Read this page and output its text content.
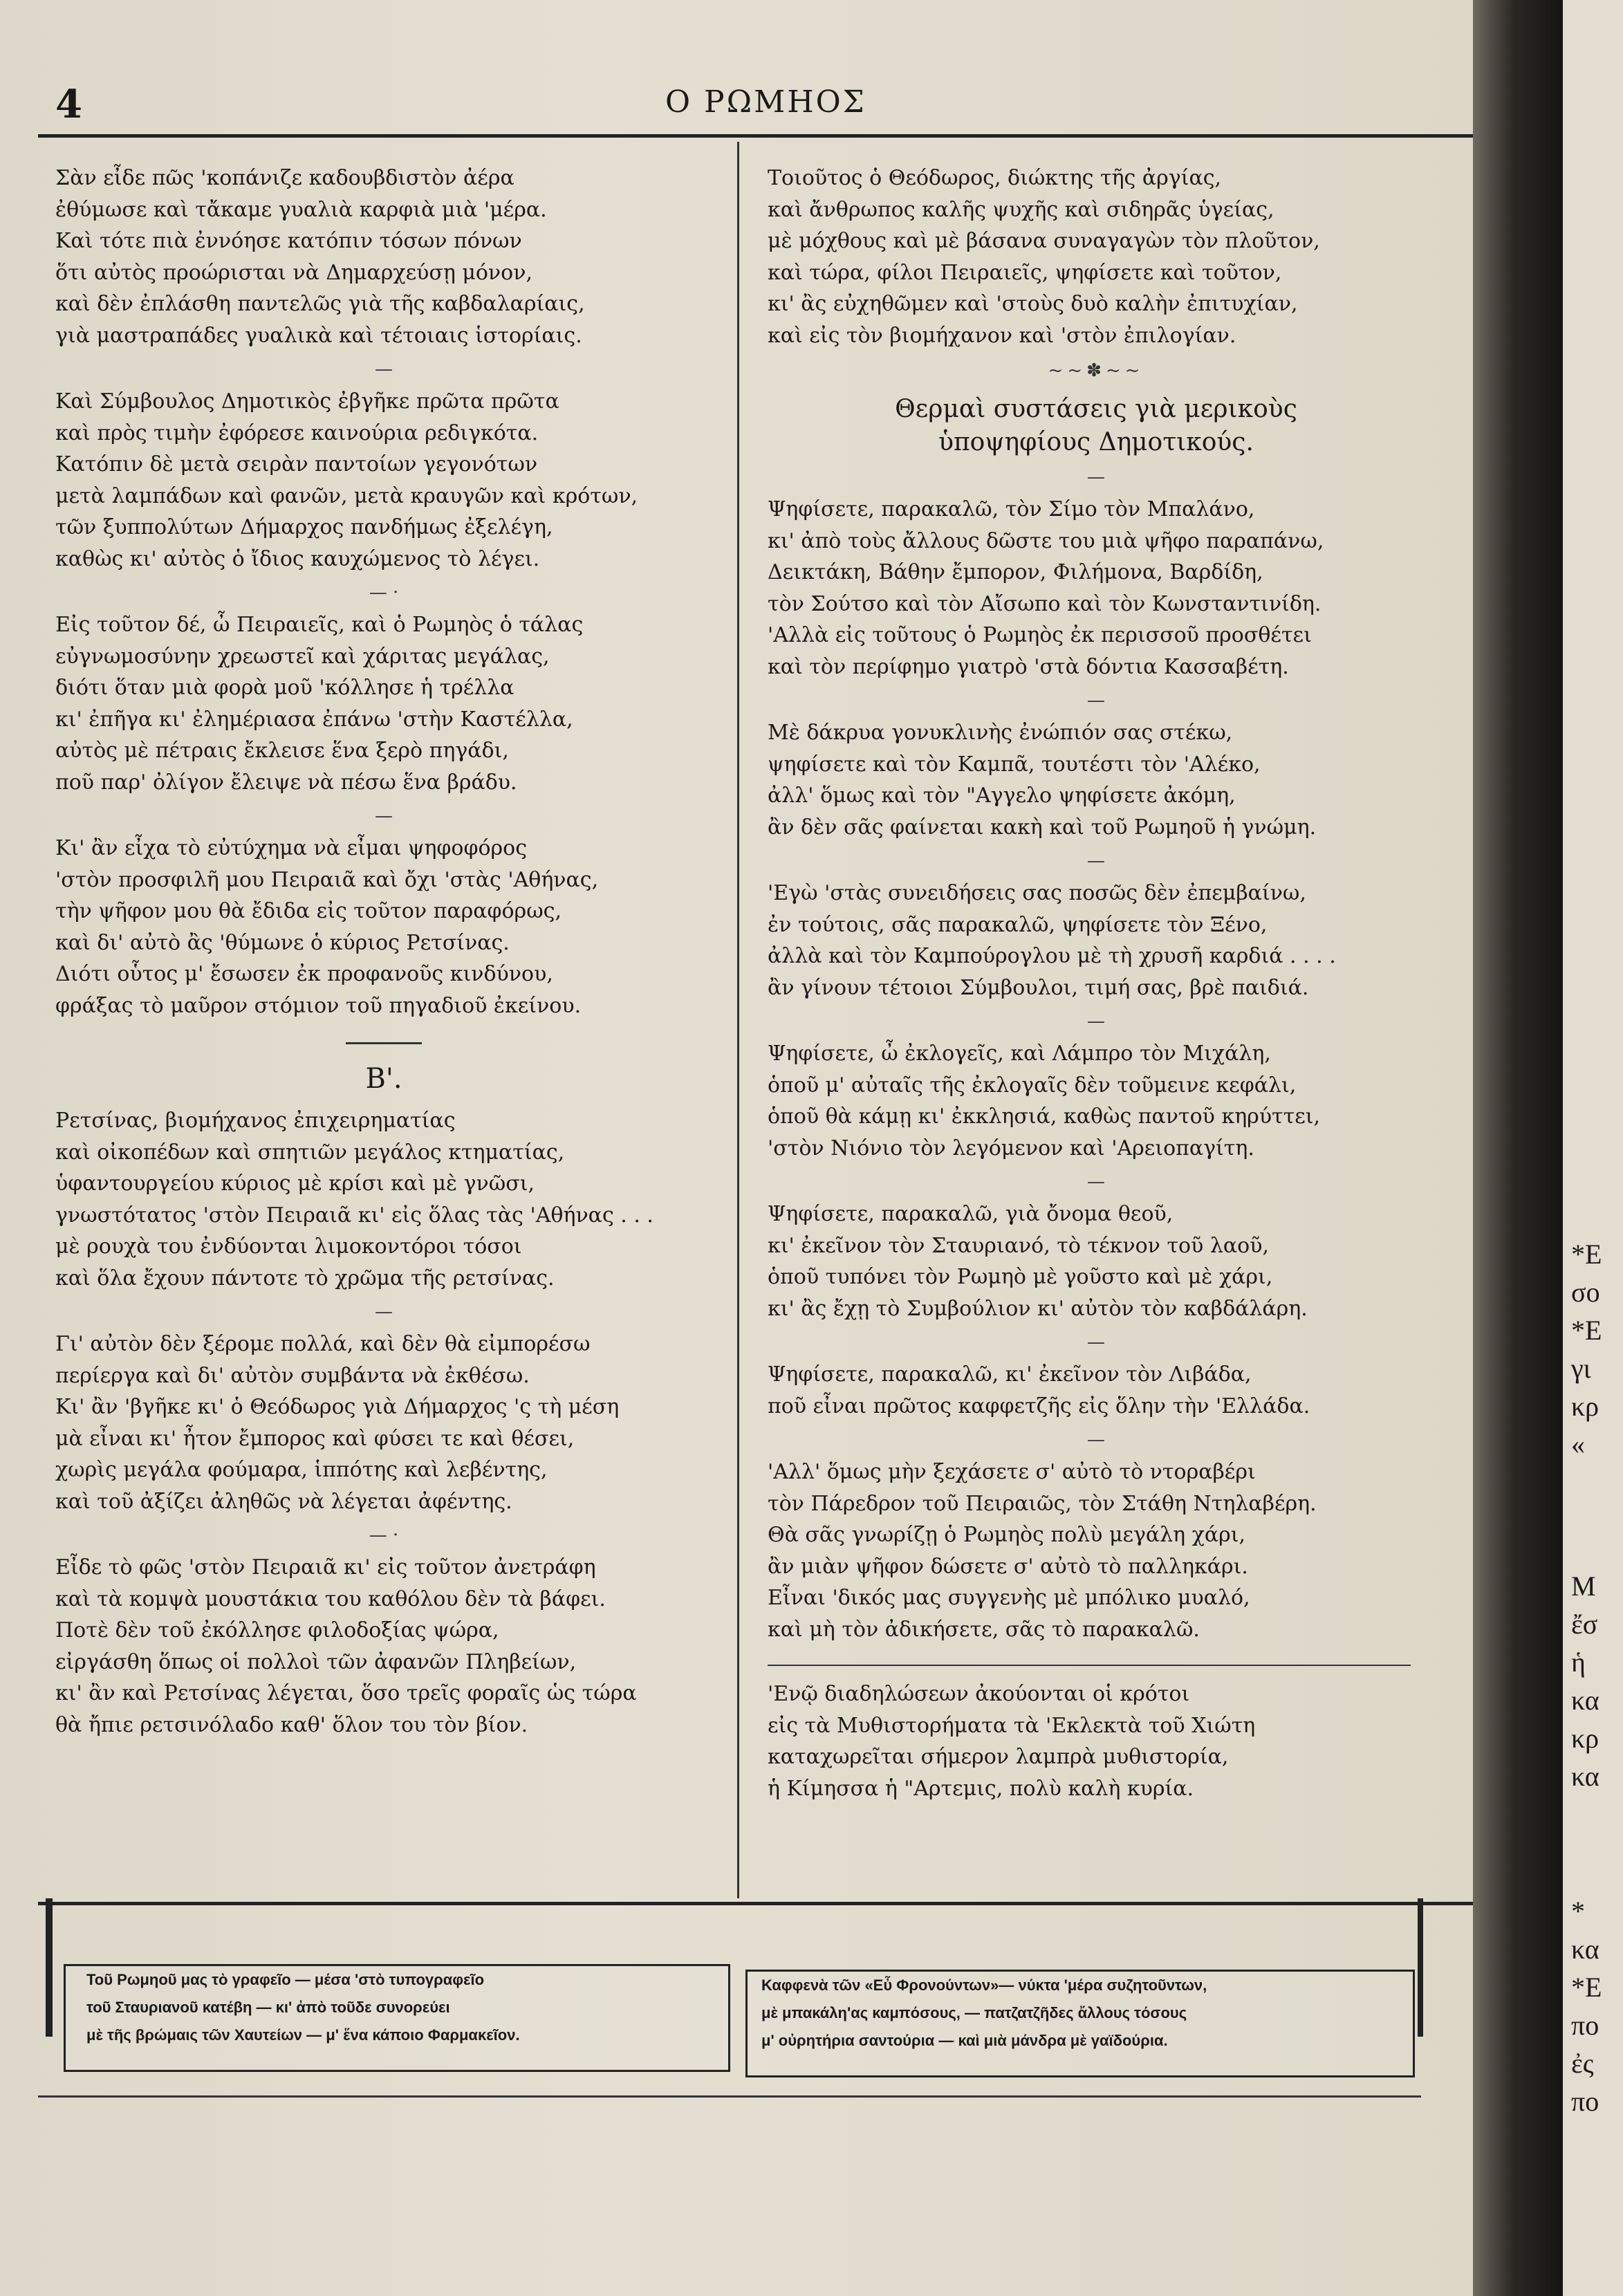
4	Ο ΡΩΜΗΟΣ
Σὰν εἶδε πῶς 'κοπάνιζε καδουβδιστὸν ἀέρα
ἐθύμωσε καὶ τἄκαμε γυαλιὰ καρφιὰ μιὰ 'μέρα.
Καὶ τότε πιὰ ἐννόησε κατόπιν τόσων πόνων
ὅτι αὐτὸς προώρισται νὰ Δημαρχεύσῃ μόνον,
καὶ δὲν ἐπλάσθη παντελῶς γιὰ τῆς καβδαλαρίαις,
γιὰ μαστραπάδες γυαλικὰ καὶ τέτοιαις ἱστορίαις.
—
Καὶ Σύμβουλος Δημοτικὸς ἐβγῆκε πρῶτα πρῶτα
καὶ πρὸς τιμὴν ἐφόρεσε καινούρια ρεδιγκότα.
Κατόπιν δὲ μετὰ σειρὰν παντοίων γεγονότων
μετὰ λαμπάδων καὶ φανῶν, μετὰ κραυγῶν καὶ κρότων,
τῶν ξυππολύτων Δήμαρχος πανδήμως ἐξελέγη,
καθὼς κι' αὐτὸς ὁ ἴδιος καυχώμενος τὸ λέγει.
— ·
Εἰς τοῦτον δέ, ὦ Πειραιεῖς, καὶ ὁ Ρωμηὸς ὁ τάλας
εὐγνωμοσύνην χρεωστεῖ καὶ χάριτας μεγάλας,
διότι ὅταν μιὰ φορὰ μοῦ 'κόλλησε ἡ τρέλλα
κι' ἐπῆγα κι' ἐλημέριασα ἐπάνω 'στὴν Καστέλλα,
αὐτὸς μὲ πέτραις ἔκλεισε ἕνα ξερὸ πηγάδι,
ποῦ παρ' ὀλίγον ἔλειψε νὰ πέσω ἕνα βράδυ.
—
Κι' ἂν εἶχα τὸ εὐτύχημα νὰ εἶμαι ψηφοφόρος
'στὸν προσφιλῆ μου Πειραιᾶ καὶ ὄχι 'στὰς 'Αθήνας,
τὴν ψῆφον μου θὰ ἔδιδα εἰς τοῦτον παραφόρως,
καὶ δι' αὐτὸ ἂς 'θύμωνε ὁ κύριος Ρετσίνας.
Διότι οὗτος μ' ἔσωσεν ἐκ προφανοῦς κινδύνου,
φράξας τὸ μαῦρον στόμιον τοῦ πηγαδιοῦ ἐκείνου.
Β'.
Ρετσίνας, βιομήχανος ἐπιχειρηματίας
καὶ οἰκοπέδων καὶ σπητιῶν μεγάλος κτηματίας,
ὑφαντουργείου κύριος μὲ κρίσι καὶ μὲ γνῶσι,
γνωστότατος 'στὸν Πειραιᾶ κι' εἰς ὅλας τὰς 'Αθήνας . . .
μὲ ρουχὰ του ἐνδύονται λιμοκοντόροι τόσοι
καὶ ὅλα ἔχουν πάντοτε τὸ χρῶμα τῆς ρετσίνας.
—
Γι' αὐτὸν δὲν ξέρομε πολλά, καὶ δὲν θὰ εἰμπορέσω
περίεργα καὶ δι' αὐτὸν συμβάντα νὰ ἐκθέσω.
Κι' ἂν 'βγῆκε κι' ὁ Θεόδωρος γιὰ Δήμαρχος 'ς τὴ μέση
μὰ εἶναι κι' ἦτον ἔμπορος καὶ φύσει τε καὶ θέσει,
χωρὶς μεγάλα φούμαρα, ἱππότης καὶ λεβέντης,
καὶ τοῦ ἀξίζει ἀληθῶς νὰ λέγεται ἀφέντης.
— ·
Εἶδε τὸ φῶς 'στὸν Πειραιᾶ κι' εἰς τοῦτον ἀνετράφη
καὶ τὰ κομψὰ μουστάκια του καθόλου δὲν τὰ βάφει.
Ποτὲ δὲν τοῦ ἐκόλλησε φιλοδοξίας ψώρα,
εἰργάσθη ὅπως οἱ πολλοὶ τῶν ἀφανῶν Πληβείων,
κι' ἂν καὶ Ρετσίνας λέγεται, ὅσο τρεῖς φοραῖς ὡς τώρα
θὰ ἤπιε ρετσινόλαδο καθ' ὅλον του τὸν βίον.
Τοιοῦτος ὁ Θεόδωρος, διώκτης τῆς ἀργίας,
καὶ ἄνθρωπος καλῆς ψυχῆς καὶ σιδηρᾶς ὑγείας,
μὲ μόχθους καὶ μὲ βάσανα συναγαγὼν τὸν πλοῦτον,
καὶ τώρα, φίλοι Πειραιεῖς, ψηφίσετε καὶ τοῦτον,
κι' ἂς εὐχηθῶμεν καὶ 'στοὺς δυὸ καλὴν ἐπιτυχίαν,
καὶ εἰς τὸν βιομήχανον καὶ 'στὸν ἐπιλογίαν.
~~✽~~
Θερμαὶ συστάσεις γιὰ μερικοὺς
ὑποψηφίους Δημοτικούς.
—
Ψηφίσετε, παρακαλῶ, τὸν Σίμο τὸν Μπαλάνο,
κι' ἀπὸ τοὺς ἄλλους δῶστε του μιὰ ψῆφο παραπάνω,
Δεικτάκη, Βάθην ἔμπορον, Φιλήμονα, Βαρδίδη,
τὸν Σούτσο καὶ τὸν Αἴσωπο καὶ τὸν Κωνσταντινίδη.
'Αλλὰ εἰς τοῦτους ὁ Ρωμηὸς ἐκ περισσοῦ προσθέτει
καὶ τὸν περίφημο γιατρὸ 'στὰ δόντια Κασσαβέτη.
—
Μὲ δάκρυα γονυκλινὴς ἐνώπιόν σας στέκω,
ψηφίσετε καὶ τὸν Καμπᾶ, τουτέστι τὸν 'Αλέκο,
ἀλλ' ὅμως καὶ τὸν "Αγγελο ψηφίσετε ἀκόμη,
ἂν δὲν σᾶς φαίνεται κακὴ καὶ τοῦ Ρωμηοῦ ἡ γνώμη.
—
'Εγὼ 'στὰς συνειδήσεις σας ποσῶς δὲν ἐπεμβαίνω,
ἐν τούτοις, σᾶς παρακαλῶ, ψηφίσετε τὸν Ξένο,
ἀλλὰ καὶ τὸν Καμπούρογλου μὲ τὴ χρυσῆ καρδιά . . . .
ἂν γίνουν τέτοιοι Σύμβουλοι, τιμή σας, βρὲ παιδιά.
—
Ψηφίσετε, ὦ ἐκλογεῖς, καὶ Λάμπρο τὸν Μιχάλη,
ὁποῦ μ' αὐταῖς τῆς ἐκλογαῖς δὲν τοῦμεινε κεφάλι,
ὁποῦ θὰ κάμῃ κι' ἐκκλησιά, καθὼς παντοῦ κηρύττει,
'στὸν Νιόνιο τὸν λεγόμενον καὶ 'Αρειοπαγίτη.
—
Ψηφίσετε, παρακαλῶ, γιὰ ὄνομα θεοῦ,
κι' ἐκεῖνον τὸν Σταυριανό, τὸ τέκνον τοῦ λαοῦ,
ὁποῦ τυπόνει τὸν Ρωμηὸ μὲ γοῦστο καὶ μὲ χάρι,
κι' ἂς ἔχῃ τὸ Συμβούλιον κι' αὐτὸν τὸν καβδάλάρη.
—
Ψηφίσετε, παρακαλῶ, κι' ἐκεῖνον τὸν Λιβάδα,
ποῦ εἶναι πρῶτος καφφετζῆς εἰς ὅλην τὴν 'Ελλάδα.
—
'Αλλ' ὅμως μὴν ξεχάσετε σ' αὐτὸ τὸ ντοραβέρι
τὸν Πάρεδρον τοῦ Πειραιῶς, τὸν Στάθη Ντηλαβέρη.
Θὰ σᾶς γνωρίζῃ ὁ Ρωμηὸς πολὺ μεγάλη χάρι,
ἂν μιὰν ψῆφον δώσετε σ' αὐτὸ τὸ παλληκάρι.
Εἶναι 'δικός μας συγγενὴς μὲ μπόλικο μυαλό,
καὶ μὴ τὸν ἀδικήσετε, σᾶς τὸ παρακαλῶ.
'Ενῷ διαδηλώσεων ἀκούονται οἱ κρότοι
εἰς τὰ Μυθιστορήματα τὰ 'Εκλεκτὰ τοῦ Χιώτη
καταχωρεῖται σήμερον λαμπρὰ μυθιστορία,
ἡ Κίμησσα ἡ "Αρτεμις, πολὺ καλὴ κυρία.
Τοῦ Ρωμηοῦ μας τὸ γραφεῖο — μέσα 'στὸ τυπογραφεῖο
τοῦ Σταυριανοῦ κατέβη — κι' ἀπὸ τοῦδε συνορεύει
μὲ τῆς βρώμαις τῶν Χαυτείων — μ' ἕνα κάποιο Φαρμακεῖον.
Καφφενὰ τῶν «Εὖ Φρονούντων»— νύκτα 'μέρα συζητοῦντων,
μὲ μπακάλη'ας καμπόσους, — πατζατζῆδες ἄλλους τόσους
μ' οὐρητήρια σαντούρια — καὶ μιὰ μάνδρα μὲ γαϊδούρια.
*E
σο
*E
γι
κρ
«
M
ἔσ
ἡ
κα
κρ
κα
*
κα
*E
πο
ἐς
πο
